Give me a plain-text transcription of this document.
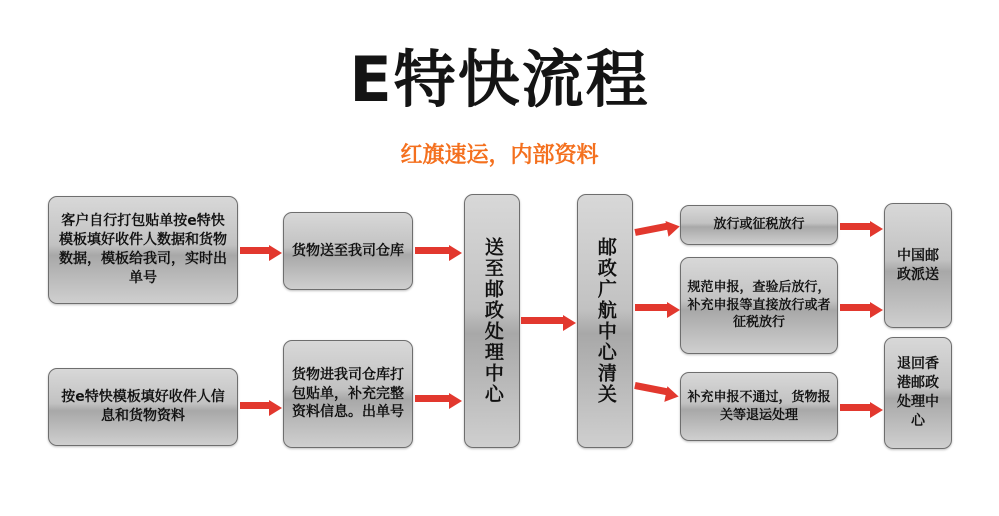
E特快流程
红旗速运，内部资料
客户自行打包贴单按e特快模板填好收件人数据和货物数据，模板给我司，实时出单号
货物送至我司仓库
按e特快模板填好收件人信息和货物资料
货物进我司仓库打包贴单，补充完整资料信息。出单号
送至邮政处理中心	邮政广航中心清关
放行或征税放行
规范申报，查验后放行，补充申报等直接放行或者征税放行
补充申报不通过，货物报关等退运处理
中国邮政派送
退回香港邮政处理中心
